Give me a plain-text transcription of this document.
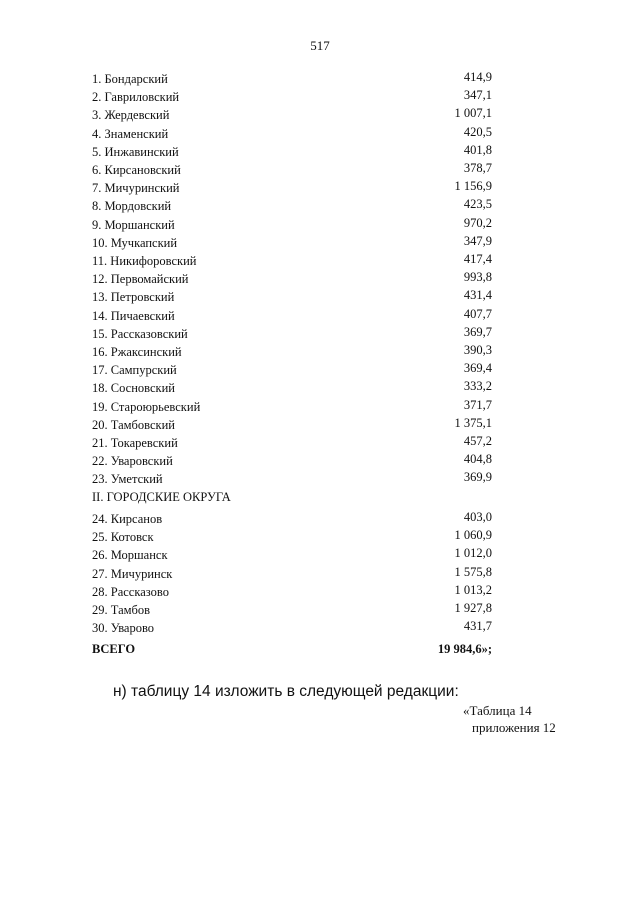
517
1. Бондарский	414,9
2. Гавриловский	347,1
3. Жердевский	1 007,1
4. Знаменский	420,5
5. Инжавинский	401,8
6. Кирсановский	378,7
7. Мичуринский	1 156,9
8. Мордовский	423,5
9. Моршанский	970,2
10. Мучкапский	347,9
11. Никифоровский	417,4
12. Первомайский	993,8
13. Петровский	431,4
14. Пичаевский	407,7
15. Рассказовский	369,7
16. Ржаксинский	390,3
17. Сампурский	369,4
18. Сосновский	333,2
19. Староюрьевский	371,7
20. Тамбовский	1 375,1
21. Токаревский	457,2
22. Уваровский	404,8
23. Уметский	369,9
II. ГОРОДСКИЕ ОКРУГА
24. Кирсанов	403,0
25. Котовск	1 060,9
26. Моршанск	1 012,0
27. Мичуринск	1 575,8
28. Рассказово	1 013,2
29. Тамбов	1 927,8
30. Уварово	431,7
ВСЕГО	19 984,6»;
н) таблицу 14 изложить в следующей редакции:
«Таблица 14
приложения 12
